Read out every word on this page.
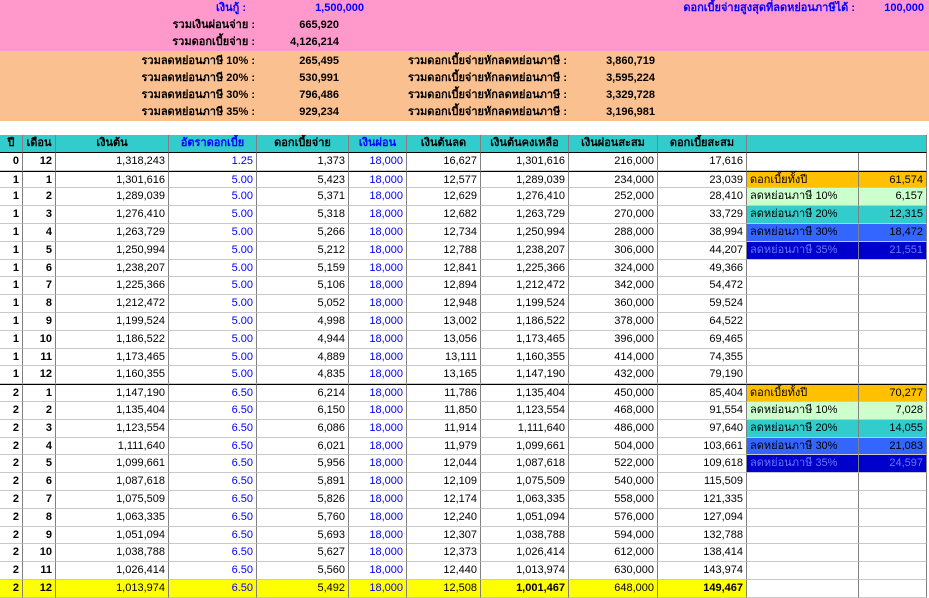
เงินกู้ :	1,500,000	ดอกเบี้ยจ่ายสูงสุดที่ลดหย่อนภาษีได้ :	100,000
รวมเงินผ่อนจ่าย :	665,920
รวมดอกเบี้ยจ่าย :	4,126,214
รวมลดหย่อนภาษี 10% :	265,495	รวมดอกเบี้ยจ่ายหักลดหย่อนภาษี :	3,860,719
รวมลดหย่อนภาษี 20% :	530,991	รวมดอกเบี้ยจ่ายหักลดหย่อนภาษี :	3,595,224
รวมลดหย่อนภาษี 30% :	796,486	รวมดอกเบี้ยจ่ายหักลดหย่อนภาษี :	3,329,728
รวมลดหย่อนภาษี 35% :	929,234	รวมดอกเบี้ยจ่ายหักลดหย่อนภาษี :	3,196,981
ปี	เดือน	เงินต้น	อัตราดอกเบี้ย	ดอกเบี้ยจ่าย	เงินผ่อน	เงินต้นลด	เงินต้นคงเหลือ	เงินผ่อนสะสม	ดอกเบี้ยสะสม
0	12	1,318,243	1.25	1,373	18,000	16,627	1,301,616	216,000	17,616
1	1	1,301,616	5.00	5,423	18,000	12,577	1,289,039	234,000	23,039 ดอกเบี้ยทั้งปี	61,574
1	2	1,289,039	5.00	5,371	18,000	12,629	1,276,410	252,000	28,410 ลดหย่อนภาษี 10%	6,157
1	3	1,276,410	5.00	5,318	18,000	12,682	1,263,729	270,000	33,729 ลดหย่อนภาษี 20%	12,315
1	4	1,263,729	5.00	5,266	18,000	12,734	1,250,994	288,000	38,994 ลดหย่อนภาษี 30%	18,472
1	5	1,250,994	5.00	5,212	18,000	12,788	1,238,207	306,000	44,207 ลดหย่อนภาษี 35%	21,551
1	6	1,238,207	5.00	5,159	18,000	12,841	1,225,366	324,000	49,366
1	7	1,225,366	5.00	5,106	18,000	12,894	1,212,472	342,000	54,472
1	8	1,212,472	5.00	5,052	18,000	12,948	1,199,524	360,000	59,524
1	9	1,199,524	5.00	4,998	18,000	13,002	1,186,522	378,000	64,522
1	10	1,186,522	5.00	4,944	18,000	13,056	1,173,465	396,000	69,465
1	11	1,173,465	5.00	4,889	18,000	13,111	1,160,355	414,000	74,355
1	12	1,160,355	5.00	4,835	18,000	13,165	1,147,190	432,000	79,190
2	1	1,147,190	6.50	6,214	18,000	11,786	1,135,404	450,000	85,404 ดอกเบี้ยทั้งปี	70,277
2	2	1,135,404	6.50	6,150	18,000	11,850	1,123,554	468,000	91,554 ลดหย่อนภาษี 10%	7,028
2	3	1,123,554	6.50	6,086	18,000	11,914	1,111,640	486,000	97,640 ลดหย่อนภาษี 20%	14,055
2	4	1,111,640	6.50	6,021	18,000	11,979	1,099,661	504,000	103,661 ลดหย่อนภาษี 30%	21,083
2	5	1,099,661	6.50	5,956	18,000	12,044	1,087,618	522,000	109,618 ลดหย่อนภาษี 35%	24,597
2	6	1,087,618	6.50	5,891	18,000	12,109	1,075,509	540,000	115,509
2	7	1,075,509	6.50	5,826	18,000	12,174	1,063,335	558,000	121,335
2	8	1,063,335	6.50	5,760	18,000	12,240	1,051,094	576,000	127,094
2	9	1,051,094	6.50	5,693	18,000	12,307	1,038,788	594,000	132,788
2	10	1,038,788	6.50	5,627	18,000	12,373	1,026,414	612,000	138,414
2	11	1,026,414	6.50	5,560	18,000	12,440	1,013,974	630,000	143,974
2	12	1,013,974	6.50	5,492	18,000	12,508	1,001,467	648,000	149,467
